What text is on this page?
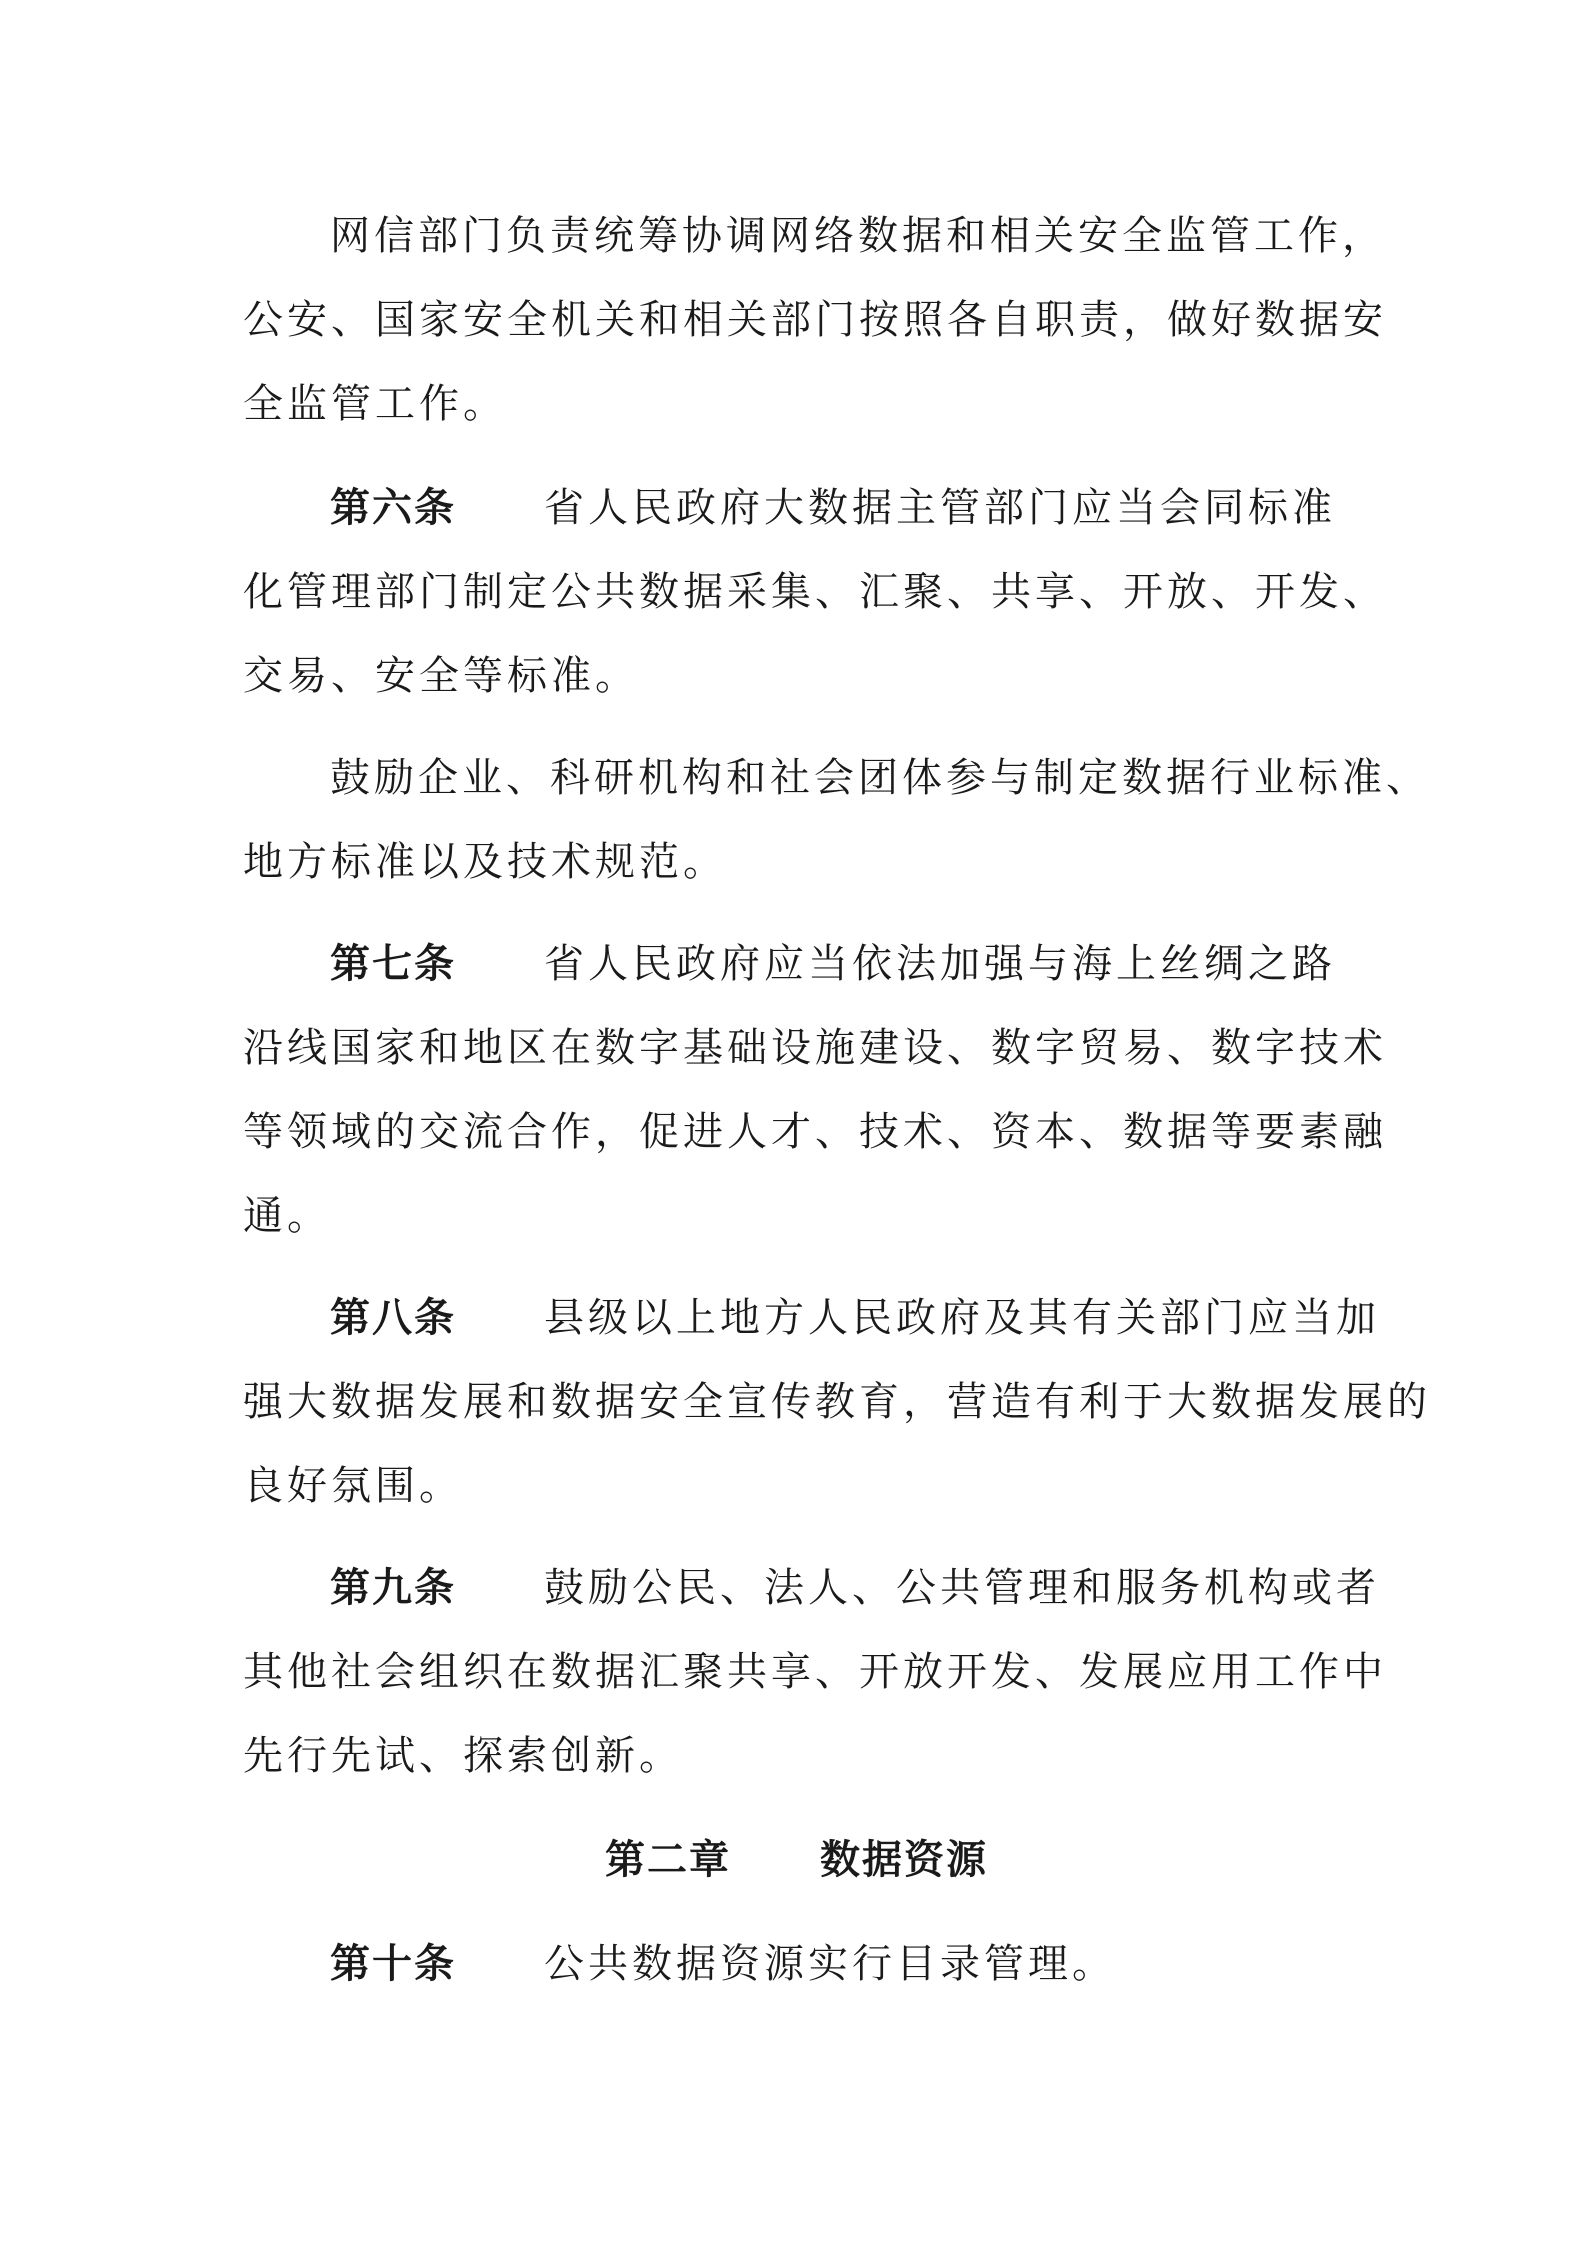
网信部门负责统筹协调网络数据和相关安全监管工作，
公安、国家安全机关和相关部门按照各自职责，做好数据安
全监管工作。
第六条 省人民政府大数据主管部门应当会同标准
化管理部门制定公共数据采集、汇聚、共享、开放、开发、
交易、安全等标准。
鼓励企业、科研机构和社会团体参与制定数据行业标准、
地方标准以及技术规范。
第七条 省人民政府应当依法加强与海上丝绸之路
沿线国家和地区在数字基础设施建设、数字贸易、数字技术
等领域的交流合作，促进人才、技术、资本、数据等要素融
通。
第八条 县级以上地方人民政府及其有关部门应当加
强大数据发展和数据安全宣传教育，营造有利于大数据发展的
良好氛围。
第九条 鼓励公民、法人、公共管理和服务机构或者
其他社会组织在数据汇聚共享、开放开发、发展应用工作中
先行先试、探索创新。
第二章 数据资源
第十条 公共数据资源实行目录管理。
